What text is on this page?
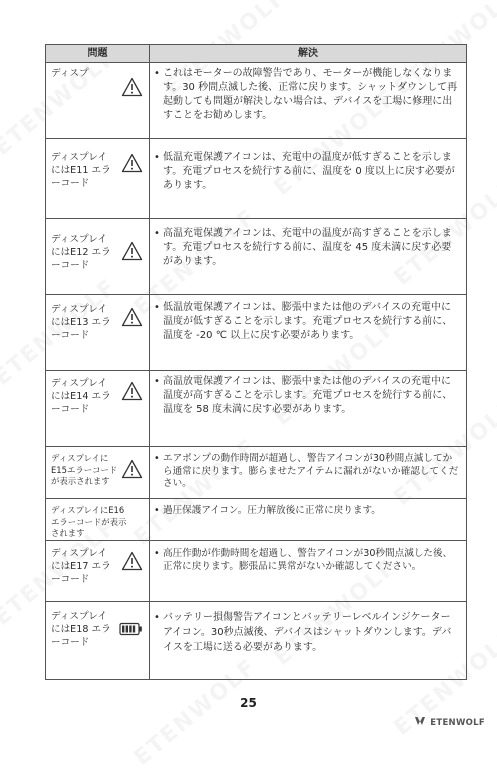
問題	解決

ディスプ	• これはモーターの故障警告であり、モーターが機能しなくなります。30 秒間点滅した後、正常に戻ります。シャットダウンして再起動しても問題が解決しない場合は、デバイスを工場に修理に出すことをお勧めします。

ディスプレイにはE11 エラーコード	• 低温充電保護アイコンは、充電中の温度が低すぎることを示します。充電プロセスを続行する前に、温度を 0 度以上に戻す必要があります。

ディスプレイにはE12 エラーコード	• 高温充電保護アイコンは、充電中の温度が高すぎることを示します。充電プロセスを続行する前に、温度を 45 度未満に戻す必要があります。

ディスプレイにはE13 エラーコード	• 低温放電保護アイコンは、膨張中または他のデバイスの充電中に温度が低すぎることを示します。充電プロセスを続行する前に、温度を -20 ℃ 以上に戻す必要があります。

ディスプレイにはE14 エラーコード	• 高温放電保護アイコンは、膨張中または他のデバイスの充電中に温度が高すぎることを示します。充電プロセスを続行する前に、温度を 58 度未満に戻す必要があります。

ディスプレイにE15エラーコードが表示されます	• エアポンプの動作時間が超過し、警告アイコンが30秒間点滅してから通常に戻ります。膨らませたアイテムに漏れがないか確認してください。

ディスプレイにE16エラーコードが表示されます	• 過圧保護アイコン。圧力解放後に正常に戻ります。

ディスプレイにはE17 エラーコード	• 高圧作動が作動時間を超過し、警告アイコンが30秒間点滅した後、正常に戻ります。膨張品に異常がないか確認してください。

ディスプレイにはE18 エラーコード	• バッテリー損傷警告アイコンとバッテリーレベルインジケーターアイコン。30秒点滅後、デバイスはシャットダウンします。デバイスを工場に送る必要があります。
25
ETENWOLF
